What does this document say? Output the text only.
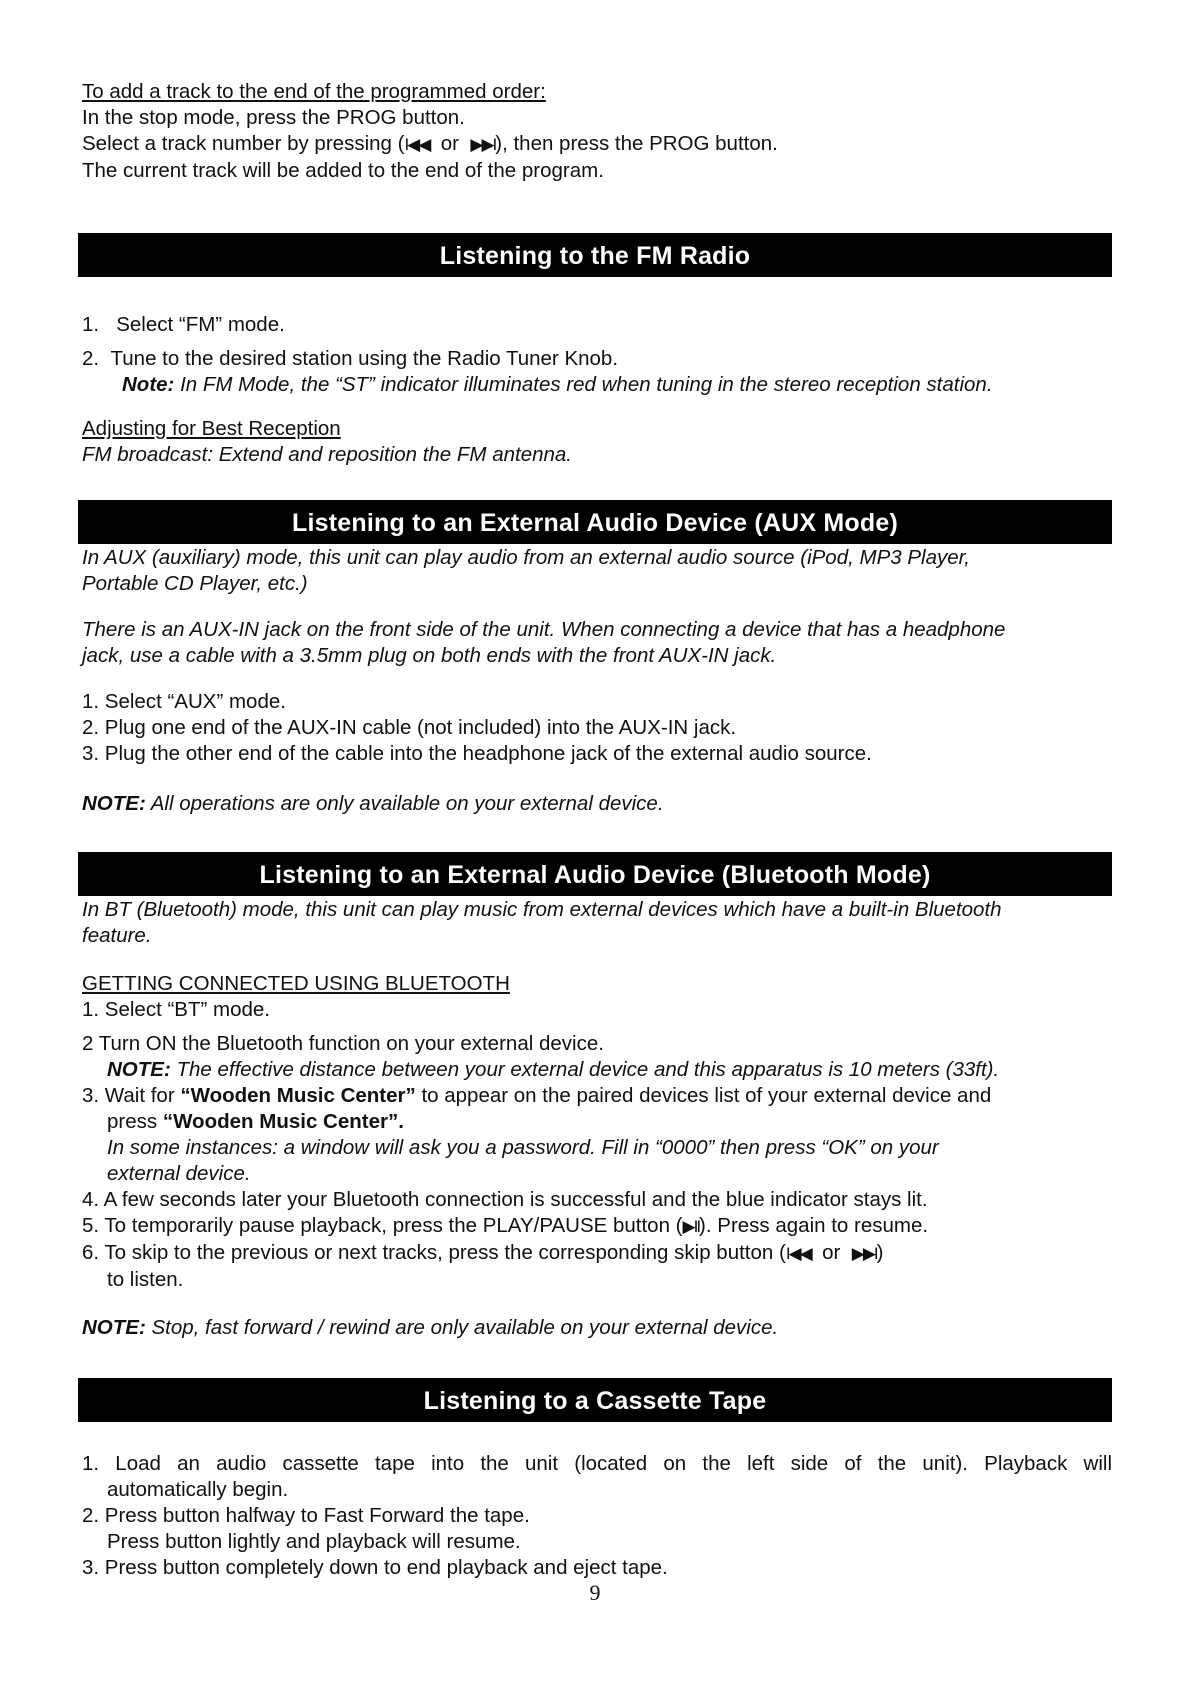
To add a track to the end of the programmed order:
In the stop mode, press the PROG button.
Select a track number by pressing (I◀◀ or ▶▶I), then press the PROG button.
The current track will be added to the end of the program.
Listening to the FM Radio
1. Select “FM” mode.
2. Tune to the desired station using the Radio Tuner Knob.
Note: In FM Mode, the “ST” indicator illuminates red when tuning in the stereo reception station.
Adjusting for Best Reception
FM broadcast: Extend and reposition the FM antenna.
Listening to an External Audio Device (AUX Mode)
In AUX (auxiliary) mode, this unit can play audio from an external audio source (iPod, MP3 Player,
Portable CD Player, etc.)
There is an AUX-IN jack on the front side of the unit. When connecting a device that has a headphone
jack, use a cable with a 3.5mm plug on both ends with the front AUX-IN jack.
1. Select “AUX” mode.
2. Plug one end of the AUX-IN cable (not included) into the AUX-IN jack.
3. Plug the other end of the cable into the headphone jack of the external audio source.
NOTE: All operations are only available on your external device.
Listening to an External Audio Device (Bluetooth Mode)
In BT (Bluetooth) mode, this unit can play music from external devices which have a built-in Bluetooth
feature.
GETTING CONNECTED USING BLUETOOTH
1. Select “BT” mode.
2 Turn ON the Bluetooth function on your external device.
NOTE: The effective distance between your external device and this apparatus is 10 meters (33ft).
3. Wait for “Wooden Music Center” to appear on the paired devices list of your external device and
press “Wooden Music Center”.
In some instances: a window will ask you a password. Fill in “0000” then press “OK” on your
external device.
4. A few seconds later your Bluetooth connection is successful and the blue indicator stays lit.
5. To temporarily pause playback, press the PLAY/PAUSE button (▶II). Press again to resume.
6. To skip to the previous or next tracks, press the corresponding skip button (I◀◀ or ▶▶I)
to listen.
NOTE: Stop, fast forward / rewind are only available on your external device.
Listening to a Cassette Tape
1. Load an audio cassette tape into the unit (located on the left side of the unit). Playback will
automatically begin.
2. Press button halfway to Fast Forward the tape.
Press button lightly and playback will resume.
3. Press button completely down to end playback and eject tape.
9
